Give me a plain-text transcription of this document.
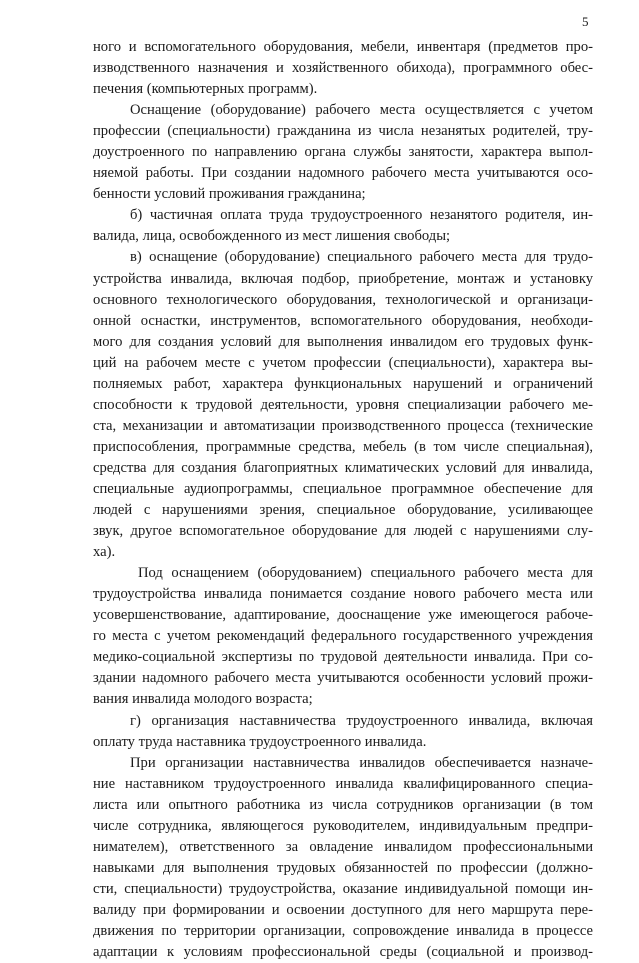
5
ного и вспомогательного оборудования, мебели, инвентаря (предметов про-
изводственного назначения и хозяйственного обихода), программного обес-
печения (компьютерных программ).
Оснащение (оборудование) рабочего места осуществляется с учетом
профессии (специальности) гражданина из числа незанятых родителей, тру-
доустроенного по направлению органа службы занятости, характера выпол-
няемой работы. При создании надомного рабочего места учитываются осо-
бенности условий проживания гражданина;
б) частичная оплата труда трудоустроенного незанятого родителя, ин-
валида, лица, освобожденного из мест лишения свободы;
в) оснащение (оборудование) специального рабочего места для трудо-
устройства инвалида, включая подбор, приобретение, монтаж и установку
основного технологического оборудования, технологической и организаци-
онной оснастки, инструментов, вспомогательного оборудования, необходи-
мого для создания условий для выполнения инвалидом его трудовых функ-
ций на рабочем месте с учетом профессии (специальности), характера вы-
полняемых работ, характера функциональных нарушений и ограничений
способности к трудовой деятельности, уровня специализации рабочего ме-
ста, механизации и автоматизации производственного процесса (технические
приспособления, программные средства, мебель (в том числе специальная),
средства для создания благоприятных климатических условий для инвалида,
специальные аудиопрограммы, специальное программное обеспечение для
людей с нарушениями зрения, специальное оборудование, усиливающее
звук, другое вспомогательное оборудование для людей с нарушениями слу-
ха).
Под оснащением (оборудованием) специального рабочего места для
трудоустройства инвалида понимается создание нового рабочего места или
усовершенствование, адаптирование, дооснащение уже имеющегося рабоче-
го места с учетом рекомендаций федерального государственного учреждения
медико-социальной экспертизы по трудовой деятельности инвалида. При со-
здании надомного рабочего места учитываются особенности условий прожи-
вания инвалида молодого возраста;
г) организация наставничества трудоустроенного инвалида, включая
оплату труда наставника трудоустроенного инвалида.
При организации наставничества инвалидов обеспечивается назначе-
ние наставником трудоустроенного инвалида квалифицированного специа-
листа или опытного работника из числа сотрудников организации (в том
числе сотрудника, являющегося руководителем, индивидуальным предпри-
нимателем), ответственного за овладение инвалидом профессиональными
навыками для выполнения трудовых обязанностей по профессии (должно-
сти, специальности) трудоустройства, оказание индивидуальной помощи ин-
валиду при формировании и освоении доступного для него маршрута пере-
движения по территории организации, сопровождение инвалида в процессе
адаптации к условиям профессиональной среды (социальной и производ-
